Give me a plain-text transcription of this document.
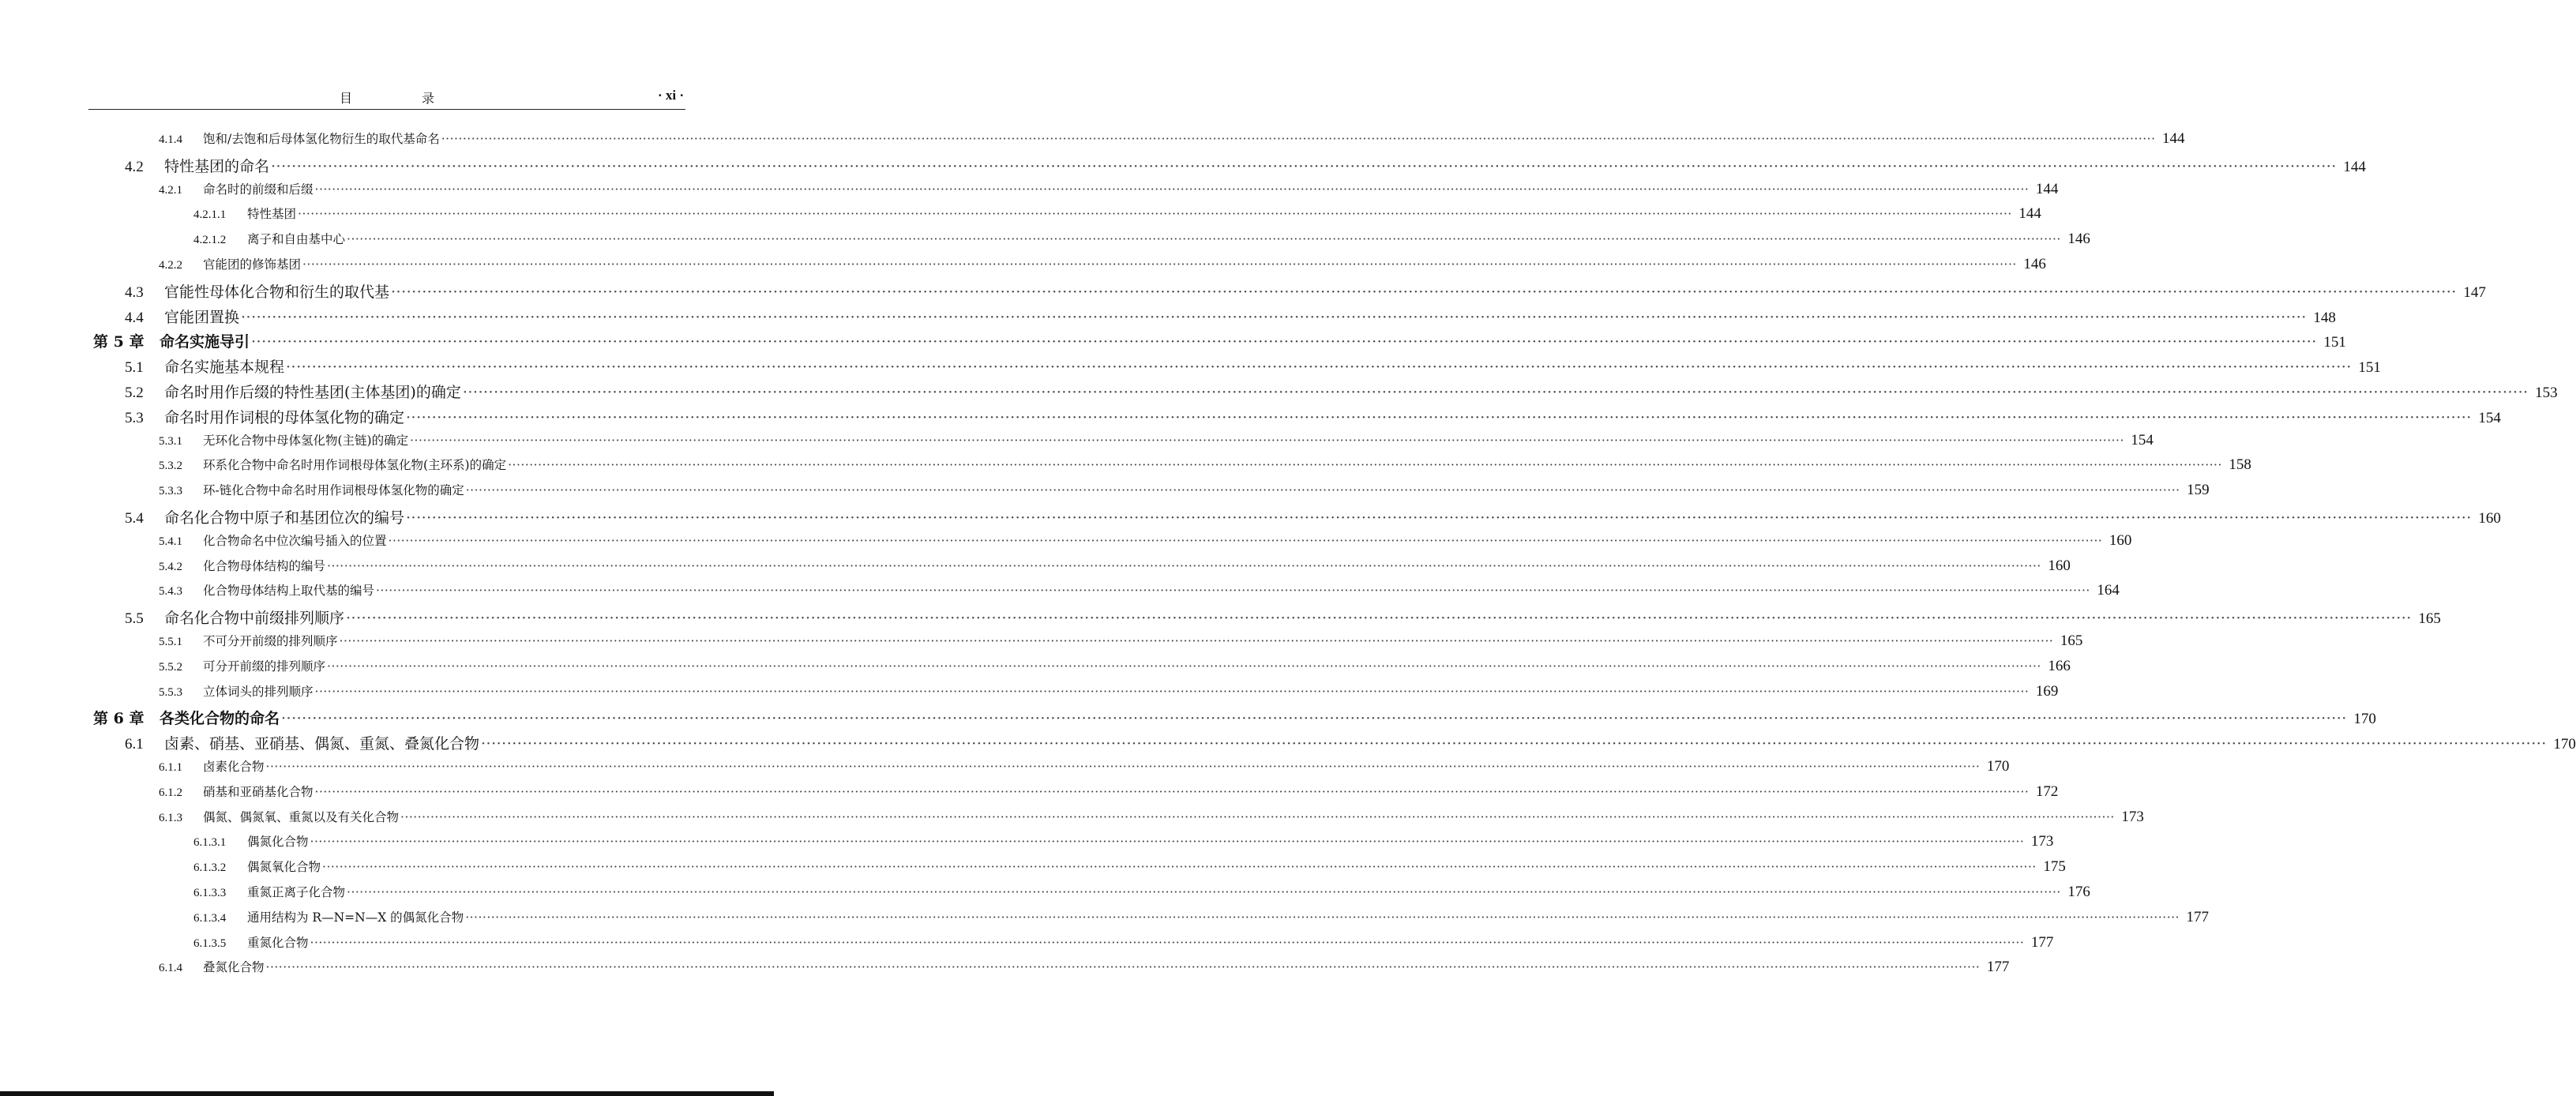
目　录	· xi ·
4.1.4	饱和/去饱和后母体氢化物衍生的取代基命名 ················································································································································································································································································································································································································ 144
4.2	特性基团的命名 ················································································································································································································································································································································································································ 144
4.2.1	命名时的前缀和后缀 ················································································································································································································································································································································································································ 144
4.2.1.1	特性基团 ················································································································································································································································································································································································································ 144
4.2.1.2	离子和自由基中心 ················································································································································································································································································································································································································ 146
4.2.2	官能团的修饰基团 ················································································································································································································································································································································································································ 146
4.3	官能性母体化合物和衍生的取代基 ················································································································································································································································································································································································································ 147
4.4	官能团置换 ················································································································································································································································································································································································································ 148
第 5 章	命名实施导引 ················································································································································································································································································································································································································ 151
5.1	命名实施基本规程 ················································································································································································································································································································································································································ 151
5.2	命名时用作后缀的特性基团(主体基团)的确定 ················································································································································································································································································································································································································ 153
5.3	命名时用作词根的母体氢化物的确定 ················································································································································································································································································································································································································ 154
5.3.1	无环化合物中母体氢化物(主链)的确定 ················································································································································································································································································································································································································ 154
5.3.2	环系化合物中命名时用作词根母体氢化物(主环系)的确定 ················································································································································································································································································································································································································ 158
5.3.3	环-链化合物中命名时用作词根母体氢化物的确定 ················································································································································································································································································································································································································ 159
5.4	命名化合物中原子和基团位次的编号 ················································································································································································································································································································································································································ 160
5.4.1	化合物命名中位次编号插入的位置 ················································································································································································································································································································································································································ 160
5.4.2	化合物母体结构的编号 ················································································································································································································································································································································································································ 160
5.4.3	化合物母体结构上取代基的编号 ················································································································································································································································································································································································································ 164
5.5	命名化合物中前缀排列顺序 ················································································································································································································································································································································································································ 165
5.5.1	不可分开前缀的排列顺序 ················································································································································································································································································································································································································ 165
5.5.2	可分开前缀的排列顺序 ················································································································································································································································································································································································································ 166
5.5.3	立体词头的排列顺序 ················································································································································································································································································································································································································ 169
第 6 章	各类化合物的命名 ················································································································································································································································································································································································································ 170
6.1	卤素、硝基、亚硝基、偶氮、重氮、叠氮化合物 ················································································································································································································································································································································································································ 170
6.1.1	卤素化合物 ················································································································································································································································································································································································································ 170
6.1.2	硝基和亚硝基化合物 ················································································································································································································································································································································································································ 172
6.1.3	偶氮、偶氮氧、重氮以及有关化合物 ················································································································································································································································································································································································································ 173
6.1.3.1	偶氮化合物 ················································································································································································································································································································································································································ 173
6.1.3.2	偶氮氧化合物 ················································································································································································································································································································································································································ 175
6.1.3.3	重氮正离子化合物 ················································································································································································································································································································································································································ 176
6.1.3.4	通用结构为 R—N=N—X 的偶氮化合物 ················································································································································································································································································································································································································ 177
6.1.3.5	重氮化合物 ················································································································································································································································································································································································································ 177
6.1.4	叠氮化合物 ················································································································································································································································································································································································································ 177
